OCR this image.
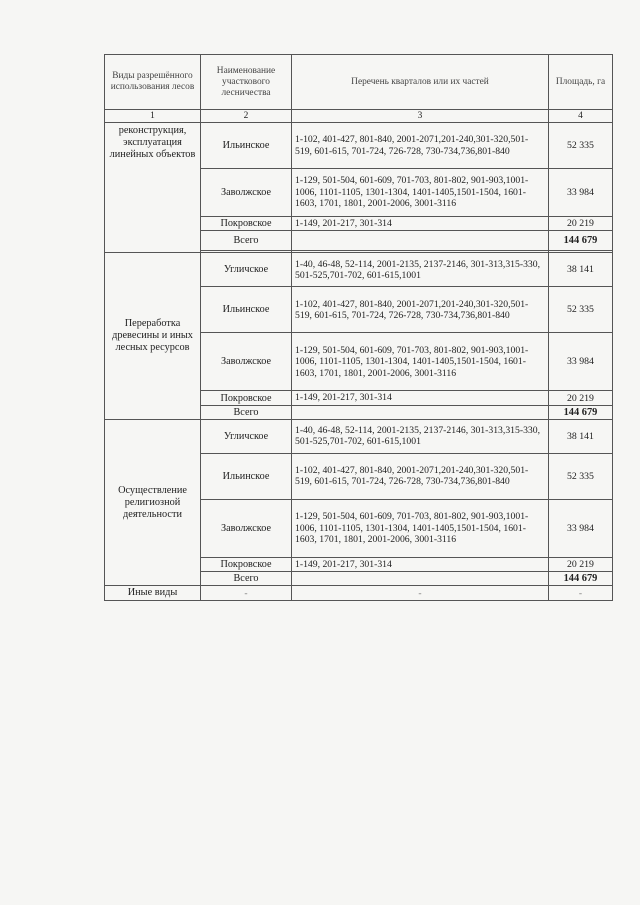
Виды разрешённого использования лесов	Наименование участкового лесничества	Перечень кварталов или их частей	Площадь, га
1	2	3	4
реконструкция, эксплуатация линейных объектов	Ильинское	1-102, 401-427, 801-840, 2001-2071,201-240,301-320,501-519, 601-615, 701-724, 726-728, 730-734,736,801-840	52 335
	Заволжское	1-129, 501-504, 601-609, 701-703, 801-802, 901-903,1001-1006, 1101-1105, 1301-1304, 1401-1405,1501-1504, 1601-1603, 1701, 1801, 2001-2006, 3001-3116	33 984
	Покровское	1-149, 201-217, 301-314	20 219
	Всего		144 679

Переработка древесины и иных лесных ресурсов	Угличское	1-40, 46-48, 52-114, 2001-2135, 2137-2146, 301-313,315-330, 501-525,701-702, 601-615,1001	38 141
	Ильинское	1-102, 401-427, 801-840, 2001-2071,201-240,301-320,501-519, 601-615, 701-724, 726-728, 730-734,736,801-840	52 335
	Заволжское	1-129, 501-504, 601-609, 701-703, 801-802, 901-903,1001-1006, 1101-1105, 1301-1304, 1401-1405,1501-1504, 1601-1603, 1701, 1801, 2001-2006, 3001-3116	33 984
	Покровское	1-149, 201-217, 301-314	20 219
	Всего		144 679
Осуществление религиозной деятельности	Угличское	1-40, 46-48, 52-114, 2001-2135, 2137-2146, 301-313,315-330, 501-525,701-702, 601-615,1001	38 141
	Ильинское	1-102, 401-427, 801-840, 2001-2071,201-240,301-320,501-519, 601-615, 701-724, 726-728, 730-734,736,801-840	52 335
	Заволжское	1-129, 501-504, 601-609, 701-703, 801-802, 901-903,1001-1006, 1101-1105, 1301-1304, 1401-1405,1501-1504, 1601-1603, 1701, 1801, 2001-2006, 3001-3116	33 984
	Покровское	1-149, 201-217, 301-314	20 219
	Всего		144 679
Иные виды	-	-	-
